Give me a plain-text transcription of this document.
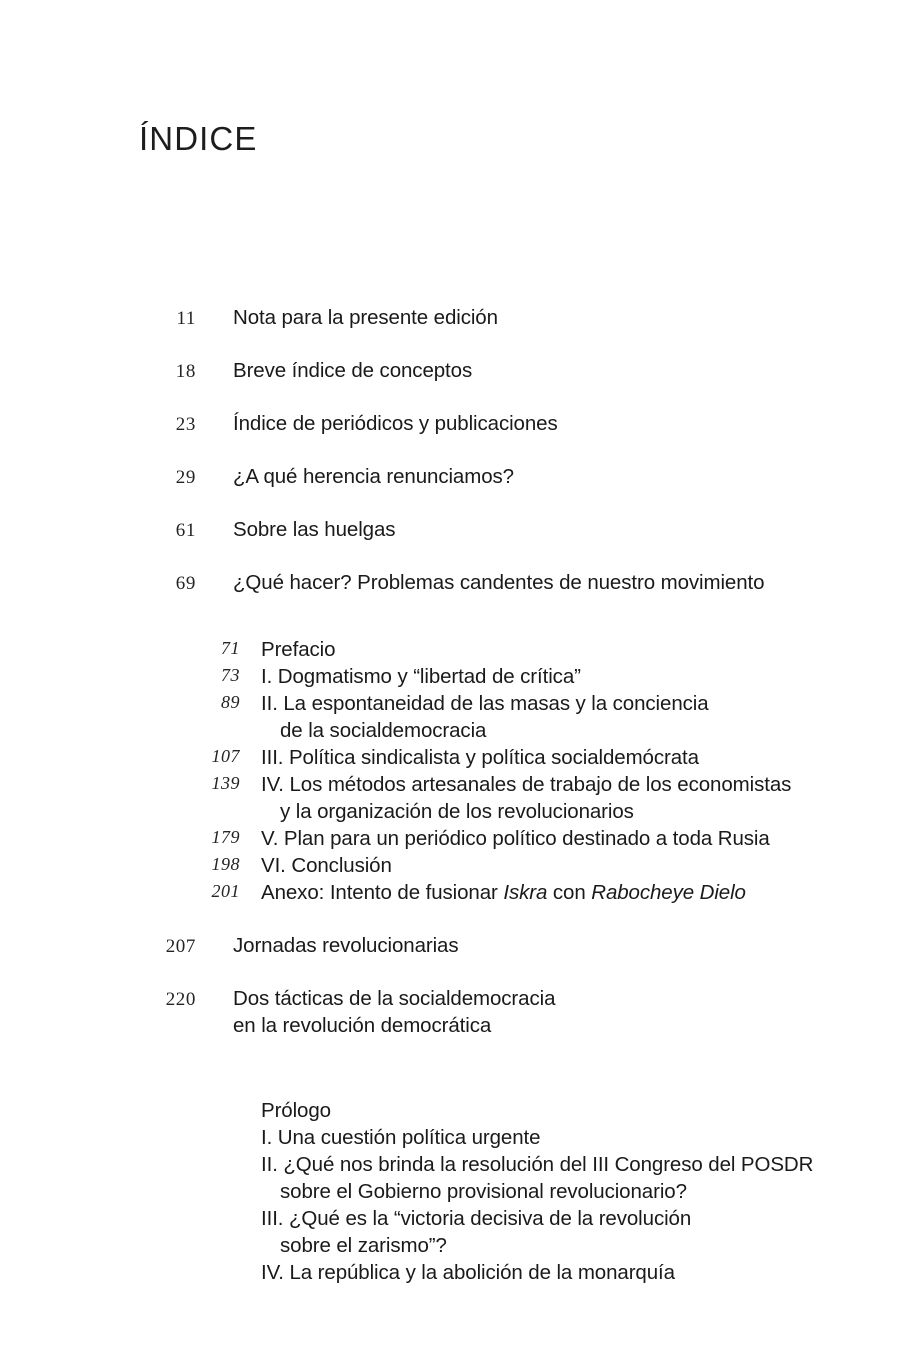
ÍNDICE
11 Nota para la presente edición
18 Breve índice de conceptos
23 Índice de periódicos y publicaciones
29 ¿A qué herencia renunciamos?
61 Sobre las huelgas
69 ¿Qué hacer? Problemas candentes de nuestro movimiento
71 Prefacio
73 I. Dogmatismo y “libertad de crítica”
89 II. La espontaneidad de las masas y la conciencia
de la socialdemocracia
107 III. Política sindicalista y política socialdemócrata
139 IV. Los métodos artesanales de trabajo de los economistas
y la organización de los revolucionarios
179 V. Plan para un periódico político destinado a toda Rusia
198 VI. Conclusión
201 Anexo: Intento de fusionar Iskra con Rabocheye Dielo
207 Jornadas revolucionarias
220 Dos tácticas de la socialdemocracia
en la revolución democrática
Prólogo
I. Una cuestión política urgente
II. ¿Qué nos brinda la resolución del III Congreso del POSDR
sobre el Gobierno provisional revolucionario?
III. ¿Qué es la “victoria decisiva de la revolución
sobre el zarismo”?
IV. La república y la abolición de la monarquía
